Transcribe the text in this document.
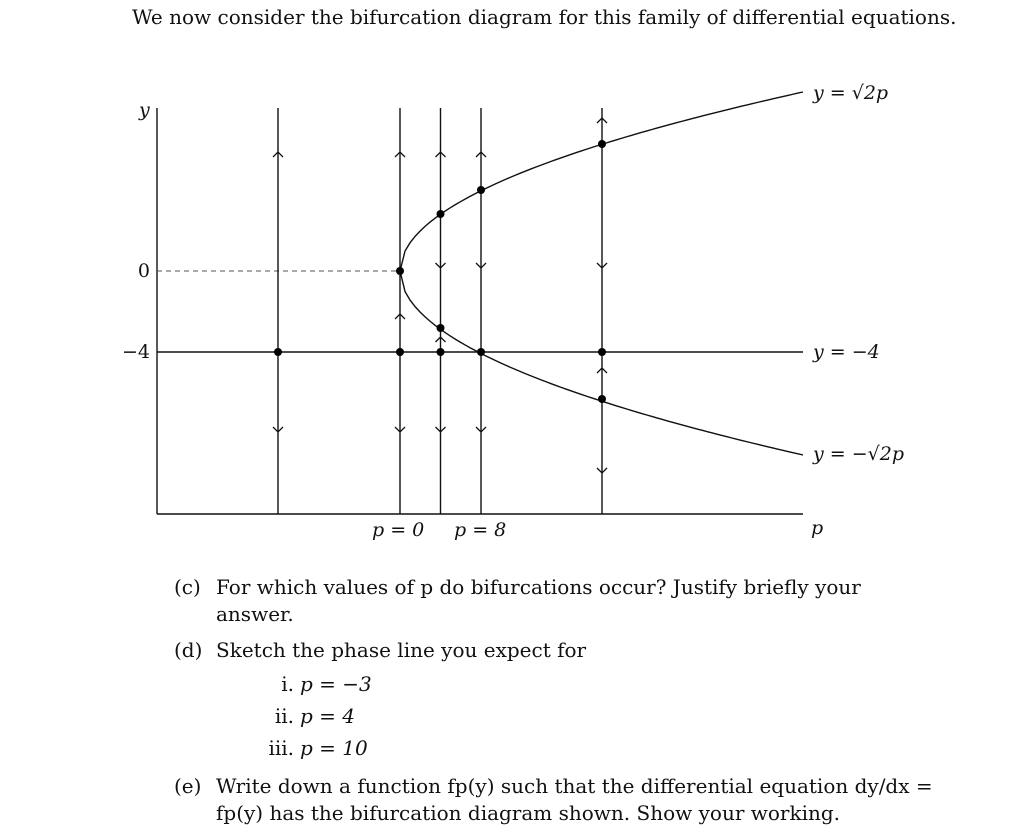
We now consider the bifurcation diagram for this family of differential equations.
y
0
−4
p
p = 0 p = 8
y = √2p
y = −√2p
y = −4
(c) For which values of p do bifurcations occur? Justify briefly your answer.
(d) Sketch the phase line you expect for
i. p = −3
ii. p = 4
iii. p = 10
(e) Write down a function fp(y) such that the differential equation dy/dx = fp(y) has the bifurcation diagram shown. Show your working.
